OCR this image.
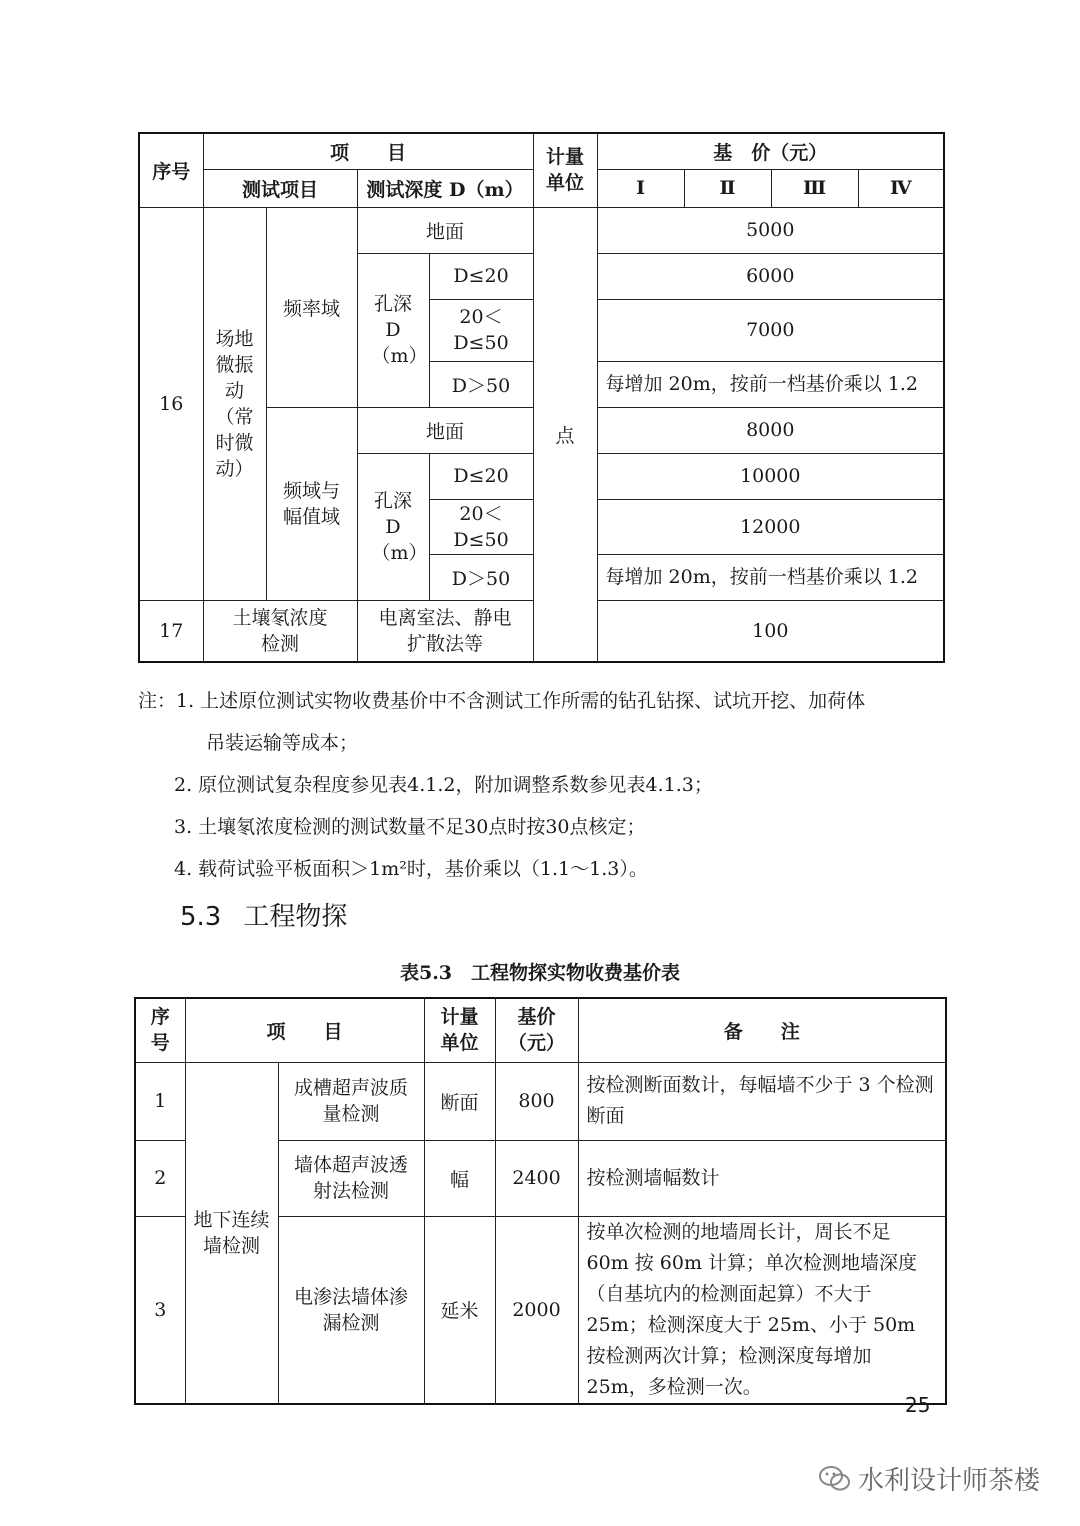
序号	项　　目				计量单位	基　价（元）			
	测试项目		测试深度 D（m）			Ⅰ	Ⅱ	Ⅲ	Ⅳ
16	场地微振动（常时微动）	频率域	地面		点	5000			
			孔深D（m）	D≤20		6000			
				20＜D≤50		7000			
				D＞50		每增加 20m，按前一档基价乘以 1.2			

		频域与幅值域	地面			8000			
			孔深D（m）	D≤20		10000			
				20＜D≤50		12000			
				D＞50		每增加 20m，按前一档基价乘以 1.2			

17	土壤氡浓度检测		电离室法、静电扩散法等			100			
注：1. 上述原位测试实物收费基价中不含测试工作所需的钻孔钻探、试坑开挖、加荷体
吊装运输等成本；
2. 原位测试复杂程度参见表4.1.2，附加调整系数参见表4.1.3；
3. 土壤氡浓度检测的测试数量不足30点时按30点核定；
4. 载荷试验平板面积＞1m²时，基价乘以（1.1～1.3）。
5.3 工程物探
表5.3　工程物探实物收费基价表
序号	项　　目		计量单位	基价（元）	备　　注
1	地下连续墙检测	成槽超声波质量检测	断面	800	按检测断面数计，每幅墙不少于 3 个检测断面
2		墙体超声波透射法检测	幅	2400	按检测墙幅数计
3		电渗法墙体渗漏检测	延米	2000	按单次检测的地墙周长计，周长不足 60m 按 60m 计算；单次检测地墙深度（自基坑内的检测面起算）不大于 25m；检测深度大于 25m、小于 50m 按检测两次计算；检测深度每增加 25m，多检测一次。
25
水利设计师茶楼
